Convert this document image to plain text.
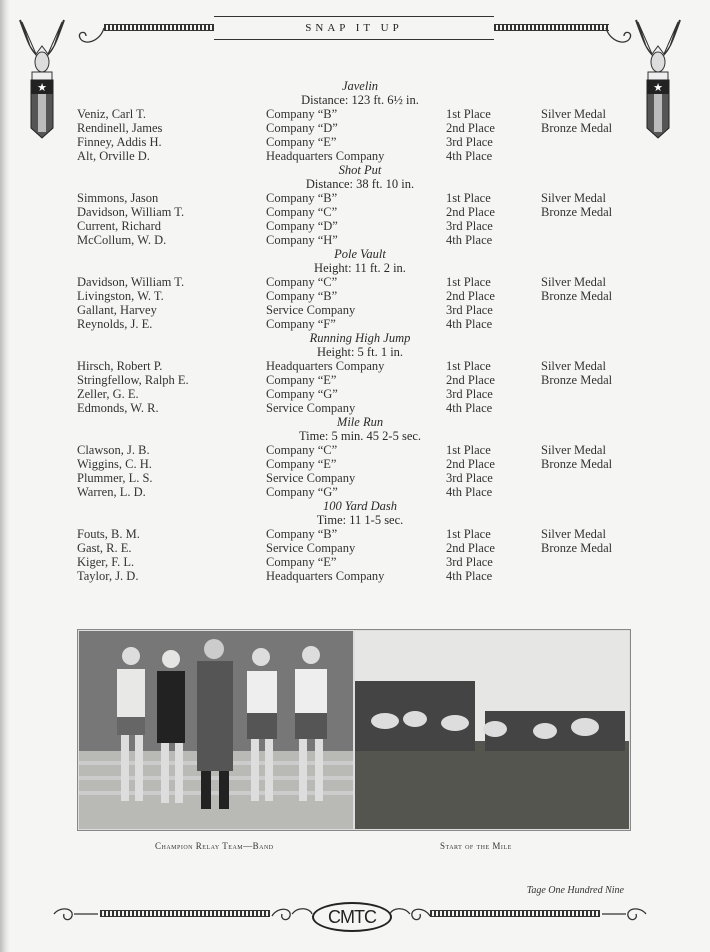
SNAP IT UP
★	★
Javelin
Distance: 123 ft. 6½ in.
Veniz, Carl T.	Company “B”	1st Place	Silver Medal
Rendinell, James	Company “D”	2nd Place	Bronze Medal
Finney, Addis H.	Company “E”	3rd Place
Alt, Orville D.	Headquarters Company	4th Place
Shot Put
Distance: 38 ft. 10 in.
Simmons, Jason	Company “B”	1st Place	Silver Medal
Davidson, William T.	Company “C”	2nd Place	Bronze Medal
Current, Richard	Company “D”	3rd Place
McCollum, W. D.	Company “H”	4th Place
Pole Vault
Height: 11 ft. 2 in.
Davidson, William T.	Company “C”	1st Place	Silver Medal
Livingston, W. T.	Company “B”	2nd Place	Bronze Medal
Gallant, Harvey	Service Company	3rd Place
Reynolds, J. E.	Company “F”	4th Place
Running High Jump
Height: 5 ft. 1 in.
Hirsch, Robert P.	Headquarters Company	1st Place	Silver Medal
Stringfellow, Ralph E.	Company “E”	2nd Place	Bronze Medal
Zeller, G. E.	Company “G”	3rd Place
Edmonds, W. R.	Service Company	4th Place
Mile Run
Time: 5 min. 45 2-5 sec.
Clawson, J. B.	Company “C”	1st Place	Silver Medal
Wiggins, C. H.	Company “E”	2nd Place	Bronze Medal
Plummer, L. S.	Service Company	3rd Place
Warren, L. D.	Company “G”	4th Place
100 Yard Dash
Time: 11 1-5 sec.
Fouts, B. M.	Company “B”	1st Place	Silver Medal
Gast, R. E.	Service Company	2nd Place	Bronze Medal
Kiger, F. L.	Company “E”	3rd Place
Taylor, J. D.	Headquarters Company	4th Place
Champion Relay Team—Band	Start of the Mile
Tage One Hundred Nine
CMTC
